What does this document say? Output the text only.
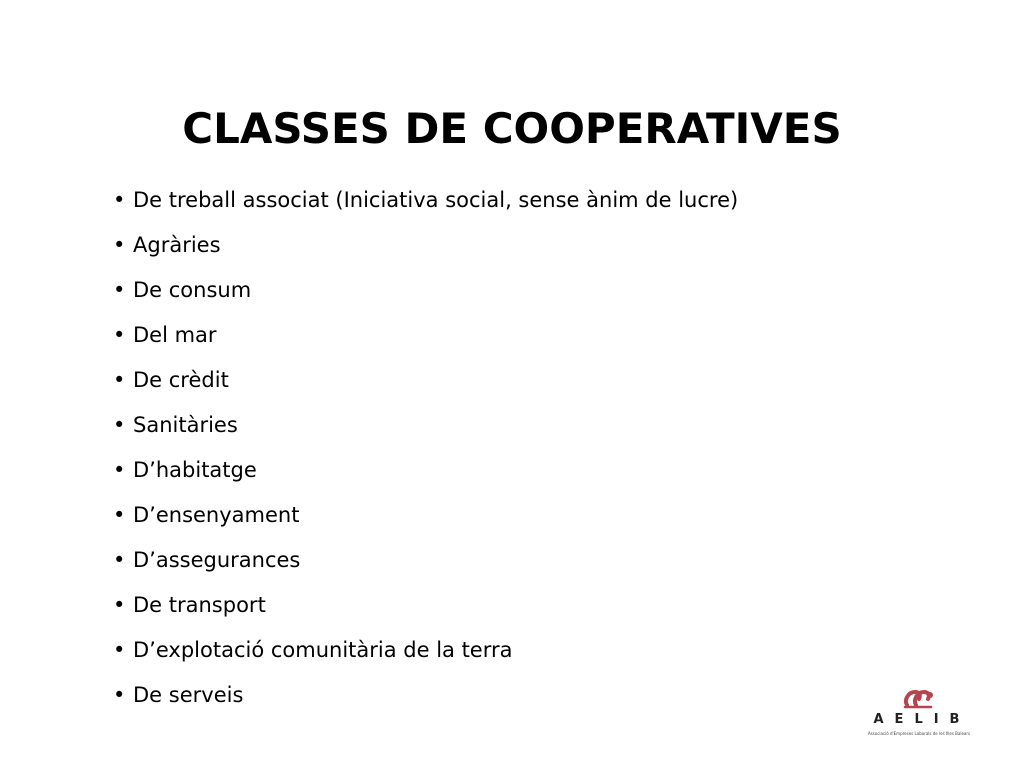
CLASSES DE COOPERATIVES
• De treball associat (Iniciativa social, sense ànim de lucre)
• Agràries
• De consum
• Del mar
• De crèdit
• Sanitàries
• D’habitatge
• D’ensenyament
• D’assegurances
• De transport
• D’explotació comunitària de la terra
• De serveis
AELIB
Associació d'Empreses Laborals de les Illes Balears
